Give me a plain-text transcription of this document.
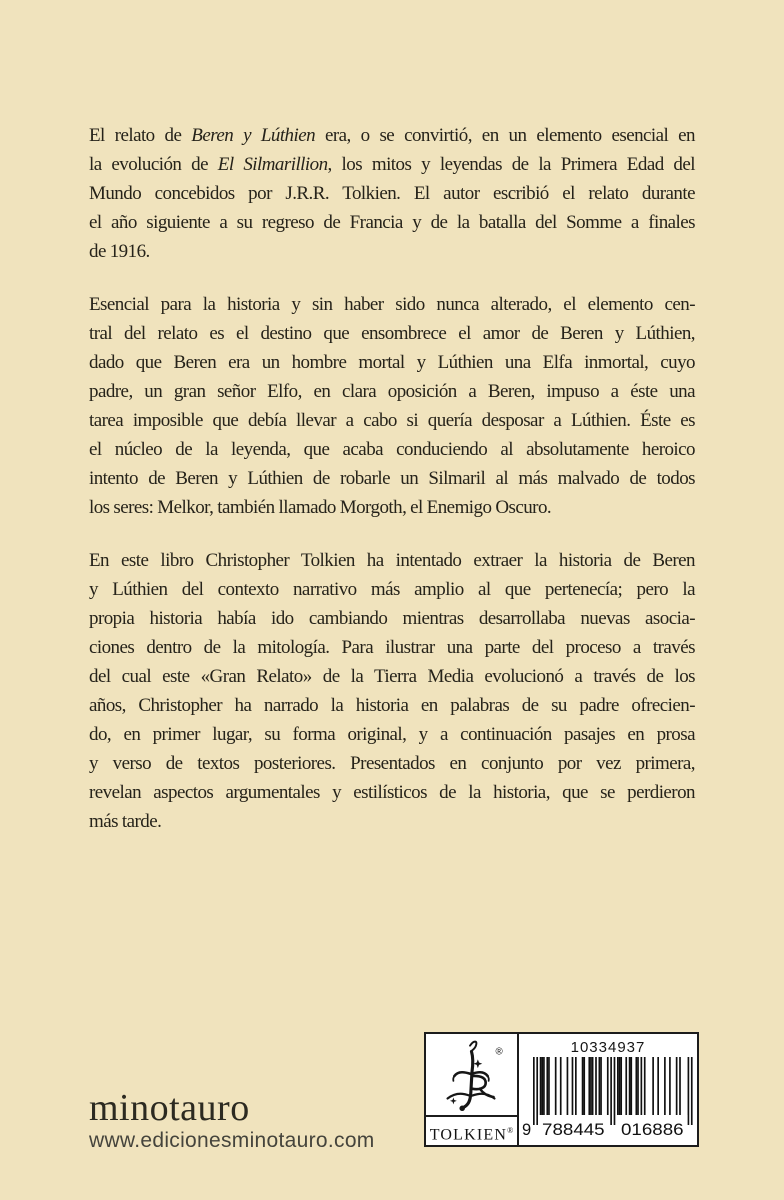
El relato de Beren y Lúthien era, o se convirtió, en un elemento esencial en
la evolución de El Silmarillion, los mitos y leyendas de la Primera Edad del
Mundo concebidos por J.R.R. Tolkien. El autor escribió el relato durante
el año siguiente a su regreso de Francia y de la batalla del Somme a finales
de 1916.

Esencial para la historia y sin haber sido nunca alterado, el elemento cen-
tral del relato es el destino que ensombrece el amor de Beren y Lúthien,
dado que Beren era un hombre mortal y Lúthien una Elfa inmortal, cuyo
padre, un gran señor Elfo, en clara oposición a Beren, impuso a éste una
tarea imposible que debía llevar a cabo si quería desposar a Lúthien. Éste es
el núcleo de la leyenda, que acaba conduciendo al absolutamente heroico
intento de Beren y Lúthien de robarle un Silmaril al más malvado de todos
los seres: Melkor, también llamado Morgoth, el Enemigo Oscuro.

En este libro Christopher Tolkien ha intentado extraer la historia de Beren
y Lúthien del contexto narrativo más amplio al que pertenecía; pero la
propia historia había ido cambiando mientras desarrollaba nuevas asocia-
ciones dentro de la mitología. Para ilustrar una parte del proceso a través
del cual este «Gran Relato» de la Tierra Media evolucionó a través de los
años, Christopher ha narrado la historia en palabras de su padre ofrecien-
do, en primer lugar, su forma original, y a continuación pasajes en prosa
y verso de textos posteriores. Presentados en conjunto por vez primera,
revelan aspectos argumentales y estilísticos de la historia, que se perdieron
más tarde.

minotauro
www.edicionesminotauro.com
®
TOLKIEN®
10334937
9 788445 016886
